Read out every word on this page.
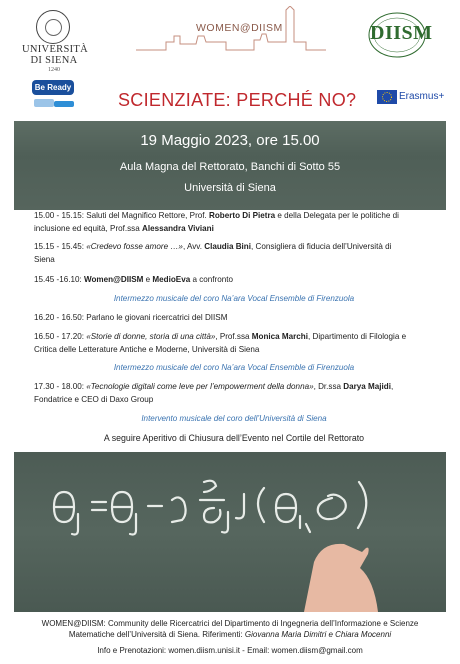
UNIVERSITÀ
DI SIENA
1240
WOMEN@DIISM	DIISM
Be Ready
SCIENZIATE: PERCHÉ NO?	Erasmus+
19 Maggio 2023, ore 15.00
Aula Magna del Rettorato, Banchi di Sotto 55
Università di Siena
15.00 - 15.15: Saluti del Magnifico Rettore, Prof. Roberto Di Pietra e della Delegata per le politiche di
inclusione ed equità, Prof.ssa Alessandra Viviani
15.15 - 15.45: «Credevo fosse amore …», Avv. Claudia Bini, Consigliera di fiducia dell’Università di
Siena
15.45 -16.10: Women@DIISM e MedioEva a confronto
Intermezzo musicale del coro Na’ara Vocal Ensemble di Firenzuola
16.20 - 16.50: Parlano le giovani ricercatrici del DIISM
16.50 - 17.20: «Storie di donne, storia di una città», Prof.ssa Monica Marchi, Dipartimento di Filologia e
Critica delle Letterature Antiche e Moderne, Università di Siena
Intermezzo musicale del coro Na’ara Vocal Ensemble di Firenzuola
17.30 - 18.00: «Tecnologie digitali come leve per l’empowerment della donna», Dr.ssa Darya Majidi,
Fondatrice e CEO di Daxo Group
Intervento musicale del coro dell’Università di Siena
A seguire Aperitivo di Chiusura dell’Evento nel Cortile del Rettorato
WOMEN@DIISM: Community delle Ricercatrici del Dipartimento di Ingegneria dell’Informazione e Scienze
Matematiche dell’Università di Siena. Riferimenti: Giovanna Maria Dimitri e Chiara Mocenni
Info e Prenotazioni: women.diism.unisi.it - Email: women.diism@gmail.com
